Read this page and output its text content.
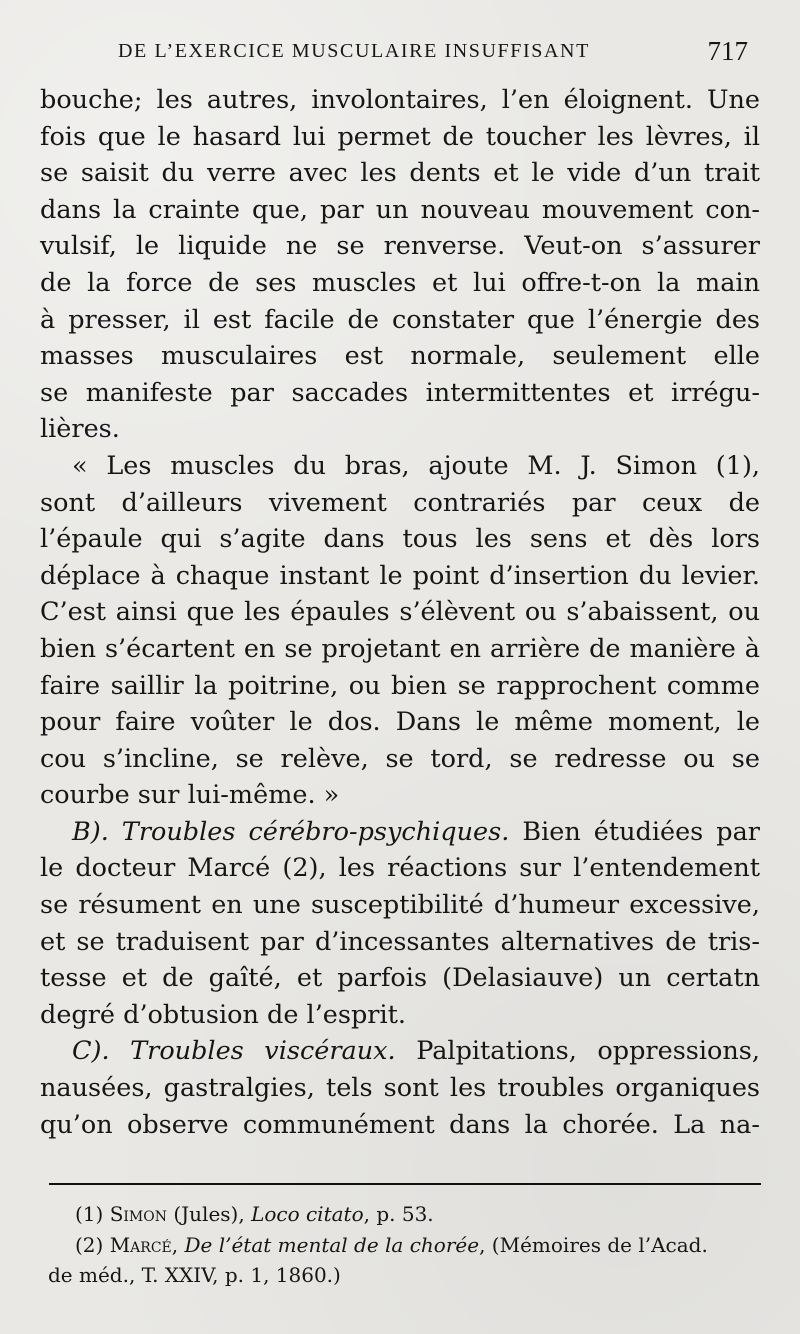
DE L’EXERCICE MUSCULAIRE INSUFFISANT	717
bouche; les autres, involontaires, l’en éloignent. Une
fois que le hasard lui permet de toucher les lèvres, il
se saisit du verre avec les dents et le vide d’un trait
dans la crainte que, par un nouveau mouvement con-
vulsif, le liquide ne se renverse. Veut-on s’assurer
de la force de ses muscles et lui offre-t-on la main
à presser, il est facile de constater que l’énergie des
masses musculaires est normale, seulement elle
se manifeste par saccades intermittentes et irrégu-
lières.
« Les muscles du bras, ajoute M. J. Simon (1),
sont d’ailleurs vivement contrariés par ceux de
l’épaule qui s’agite dans tous les sens et dès lors
déplace à chaque instant le point d’insertion du levier.
C’est ainsi que les épaules s’élèvent ou s’abaissent, ou
bien s’écartent en se projetant en arrière de manière à
faire saillir la poitrine, ou bien se rapprochent comme
pour faire voûter le dos. Dans le même moment, le
cou s’incline, se relève, se tord, se redresse ou se
courbe sur lui-même. »
B). Troubles cérébro-psychiques. Bien étudiées par
le docteur Marcé (2), les réactions sur l’entendement
se résument en une susceptibilité d’humeur excessive,
et se traduisent par d’incessantes alternatives de tris-
tesse et de gaîté, et parfois (Delasiauve) un certatn
degré d’obtusion de l’esprit.
C). Troubles viscéraux. Palpitations, oppressions,
nausées, gastralgies, tels sont les troubles organiques
qu’on observe communément dans la chorée. La na-
(1) Simon (Jules), Loco citato, p. 53.
(2) Marcé, De l’état mental de la chorée, (Mémoires de l’Acad.
de méd., T. XXIV, p. 1, 1860.)
